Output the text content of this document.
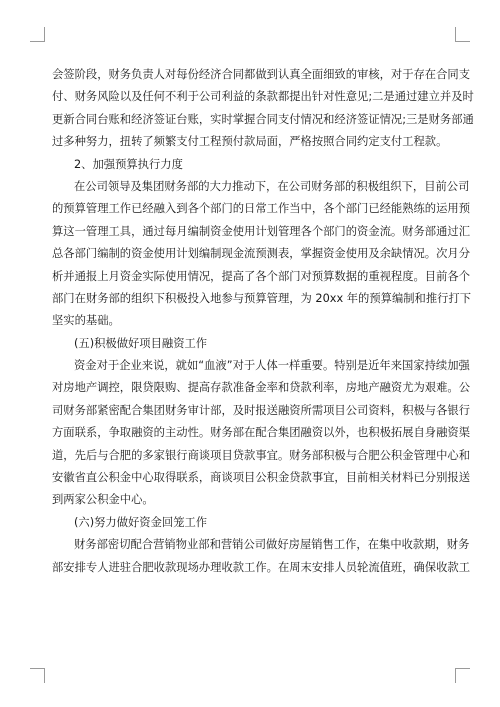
会签阶段，财务负责人对每份经济合同都做到认真全面细致的审核，对于存在合同支
付、财务风险以及任何不利于公司利益的条款都提出针对性意见;二是通过建立并及时
更新合同台账和经济签证台账，实时掌握合同支付情况和经济签证情况;三是财务部通
过多种努力，扭转了频繁支付工程预付款局面，严格按照合同约定支付工程款。
2、加强预算执行力度
在公司领导及集团财务部的大力推动下，在公司财务部的积极组织下，目前公司
的预算管理工作已经融入到各个部门的日常工作当中，各个部门已经能熟练的运用预
算这一管理工具，通过每月编制资金使用计划管理各个部门的资金流。财务部通过汇
总各部门编制的资金使用计划编制现金流预测表，掌握资金使用及余缺情况。次月分
析并通报上月资金实际使用情况，提高了各个部门对预算数据的重视程度。目前各个
部门在财务部的组织下积极投入地参与预算管理，为 20xx 年的预算编制和推行打下
坚实的基础。
(五)积极做好项目融资工作
资金对于企业来说，就如“血液”对于人体一样重要。特别是近年来国家持续加强
对房地产调控，限贷限购、提高存款准备金率和贷款利率，房地产融资尤为艰难。公
司财务部紧密配合集团财务审计部，及时报送融资所需项目公司资料，积极与各银行
方面联系，争取融资的主动性。财务部在配合集团融资以外，也积极拓展自身融资渠
道，先后与合肥的多家银行商谈项目贷款事宜。财务部积极与合肥公积金管理中心和
安徽省直公积金中心取得联系，商谈项目公积金贷款事宜，目前相关材料已分别报送
到两家公积金中心。
(六)努力做好资金回笼工作
财务部密切配合营销物业部和营销公司做好房屋销售工作，在集中收款期，财务
部安排专人进驻合肥收款现场办理收款工作。在周末安排人员轮流值班，确保收款工
